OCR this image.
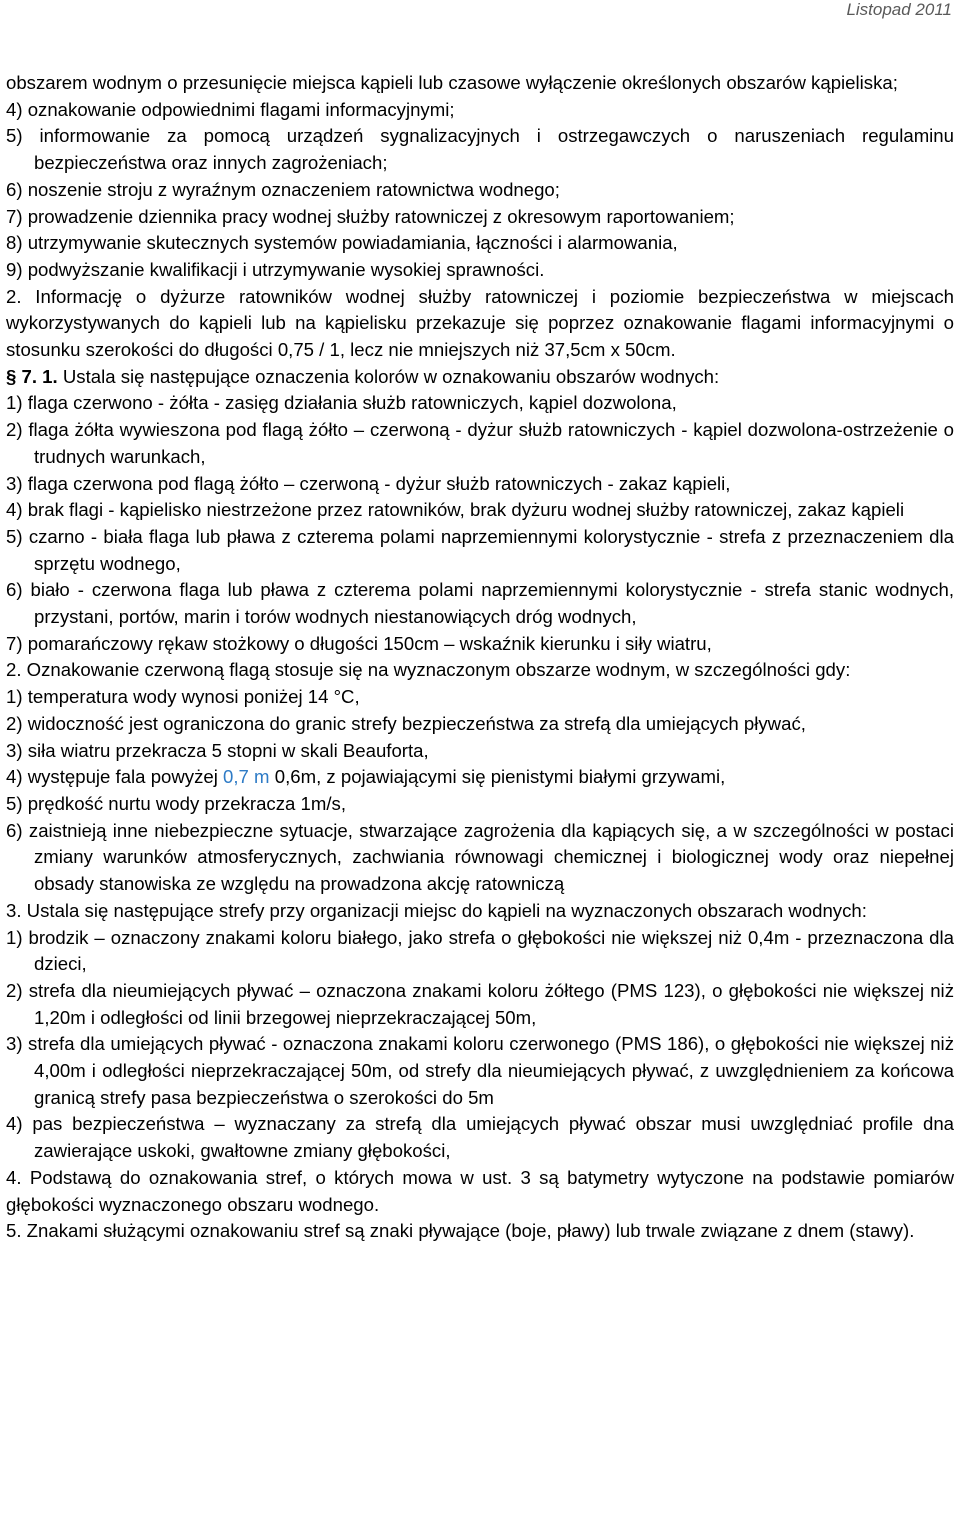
Listopad 2011

obszarem wodnym o przesunięcie miejsca kąpieli lub czasowe wyłączenie określonych obszarów kąpieliska;

4) oznakowanie odpowiednimi flagami informacyjnymi;

5) informowanie za pomocą urządzeń sygnalizacyjnych i ostrzegawczych o naruszeniach regulaminu bezpieczeństwa oraz innych zagrożeniach;

6) noszenie stroju z wyraźnym oznaczeniem ratownictwa wodnego;

7) prowadzenie dziennika pracy wodnej służby ratowniczej z okresowym raportowaniem;

8) utrzymywanie skutecznych systemów powiadamiania, łączności i alarmowania,

9) podwyższanie kwalifikacji i utrzymywanie wysokiej sprawności.

2. Informację o dyżurze ratowników wodnej służby ratowniczej i poziomie bezpieczeństwa w miejscach wykorzystywanych do kąpieli lub na kąpielisku przekazuje się poprzez oznakowanie flagami informacyjnymi o stosunku szerokości do długości 0,75 / 1, lecz nie mniejszych niż 37,5cm x 50cm.

§ 7. 1. Ustala się następujące oznaczenia kolorów w oznakowaniu obszarów wodnych:

1) flaga czerwono - żółta - zasięg działania służb ratowniczych, kąpiel dozwolona,

2) flaga żółta wywieszona pod flagą żółto – czerwoną - dyżur służb ratowniczych - kąpiel dozwolona-ostrzeżenie o trudnych warunkach,

3) flaga czerwona pod flagą żółto – czerwoną - dyżur służb ratowniczych - zakaz kąpieli,

4) brak flagi - kąpielisko niestrzeżone przez ratowników, brak dyżuru wodnej służby ratowniczej, zakaz kąpieli

5) czarno - biała flaga lub pława z czterema polami naprzemiennymi kolorystycznie - strefa z przeznaczeniem dla sprzętu wodnego,

6) biało - czerwona flaga lub pława z czterema polami naprzemiennymi kolorystycznie - strefa stanic wodnych, przystani, portów, marin i torów wodnych niestanowiących dróg wodnych,

7) pomarańczowy rękaw stożkowy o długości 150cm – wskaźnik kierunku i siły wiatru,

2. Oznakowanie czerwoną flagą stosuje się na wyznaczonym obszarze wodnym, w szczególności gdy:

1) temperatura wody wynosi poniżej 14 °C,

2) widoczność jest ograniczona do granic strefy bezpieczeństwa za strefą dla umiejących pływać,

3) siła wiatru przekracza 5 stopni w skali Beauforta,

4) występuje fala powyżej 0,7 m 0,6m, z pojawiającymi się pienistymi białymi grzywami,

5) prędkość nurtu wody przekracza 1m/s,

6) zaistnieją inne niebezpieczne sytuacje, stwarzające zagrożenia dla kąpiących się, a w szczególności w postaci zmiany warunków atmosferycznych, zachwiania równowagi chemicznej i biologicznej wody oraz niepełnej obsady stanowiska ze względu na prowadzona akcję ratowniczą

3. Ustala się następujące strefy przy organizacji miejsc do kąpieli na wyznaczonych obszarach wodnych:

1) brodzik – oznaczony znakami koloru białego, jako strefa o głębokości nie większej niż 0,4m - przeznaczona dla dzieci,

2) strefa dla nieumiejących pływać – oznaczona znakami koloru żółtego (PMS 123), o głębokości nie większej niż 1,20m i odległości od linii brzegowej nieprzekraczającej 50m,

3) strefa dla umiejących pływać - oznaczona znakami koloru czerwonego (PMS 186), o głębokości nie większej niż 4,00m i odległości nieprzekraczającej 50m, od strefy dla nieumiejących pływać, z uwzględnieniem za końcowa granicą strefy pasa bezpieczeństwa o szerokości do 5m

4) pas bezpieczeństwa – wyznaczany za strefą dla umiejących pływać obszar musi uwzględniać profile dna zawierające uskoki, gwałtowne zmiany głębokości,

4. Podstawą do oznakowania stref, o których mowa w ust. 3 są batymetry wytyczone na podstawie pomiarów głębokości wyznaczonego obszaru wodnego.

5. Znakami służącymi oznakowaniu stref są znaki pływające (boje, pławy) lub trwale związane z dnem (stawy).
